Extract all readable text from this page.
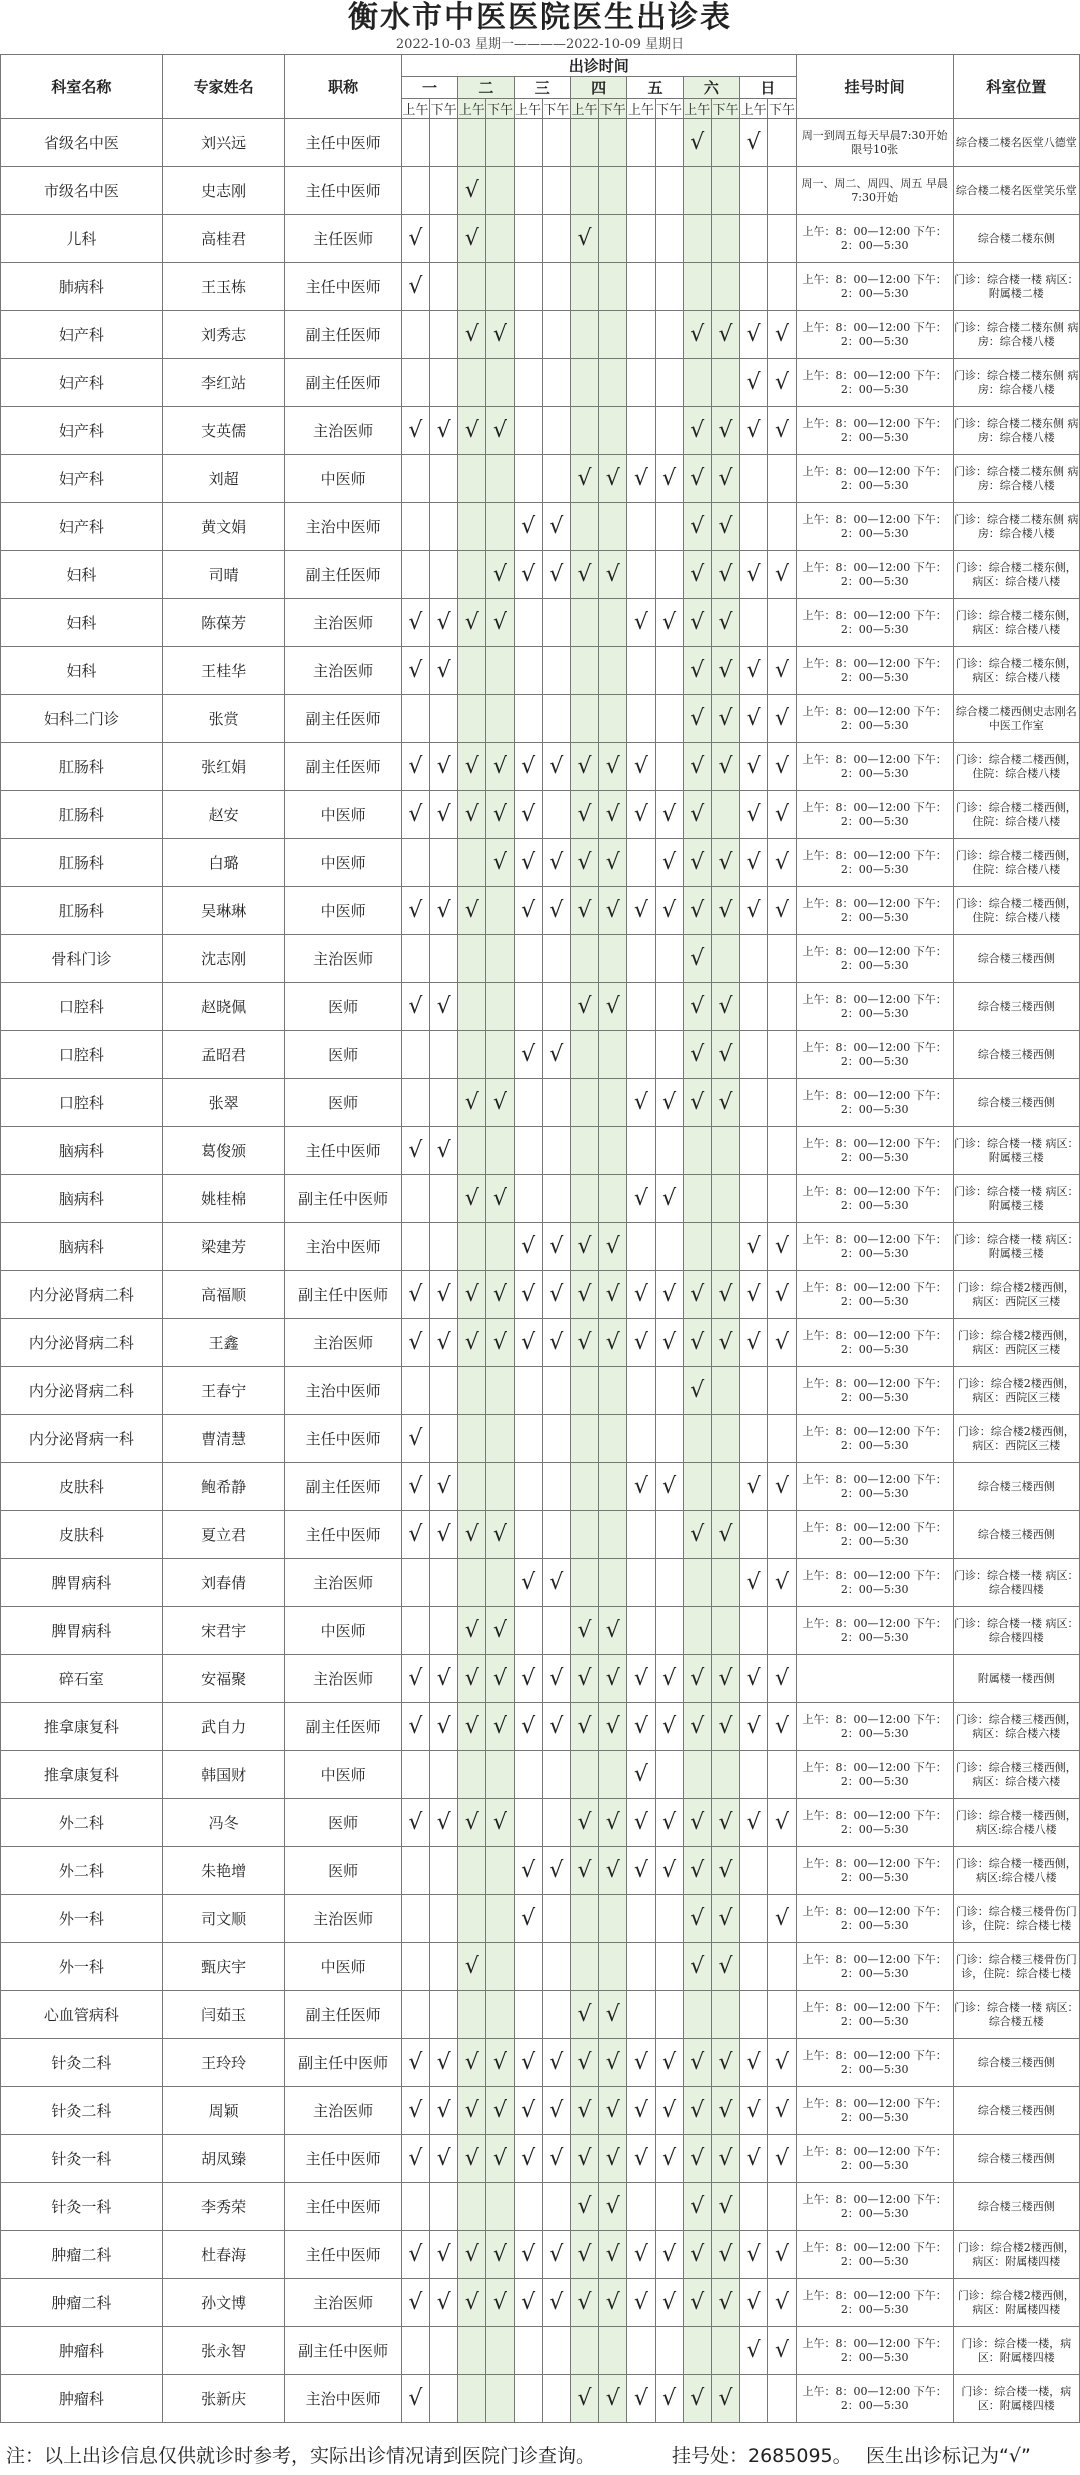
衡水市中医医院医生出诊表
2022-10-03 星期一————2022-10-09 星期日
科室名称	专家姓名	职称	出诊时间														挂号时间	科室位置
			一		二		三		四		五		六		日			
			上午	下午	上午	下午	上午	下午	上午	下午	上午	下午	上午	下午	上午	下午		
省级名中医	刘兴远	主任中医师											√		√		周一到周五每天早晨7:30开始 限号10张	综合楼二楼名医堂八德堂
市级名中医	史志刚	主任中医师			√												周一、周二、周四、周五 早晨7:30开始	综合楼二楼名医堂笑乐堂
儿科	高桂君	主任医师	√		√				√								上午：8：00—12:00 下午：2：00—5:30	综合楼二楼东侧
肺病科	王玉栋	主任中医师	√														上午：8：00—12:00 下午：2：00—5:30	门诊：综合楼一楼 病区：附属楼二楼
妇产科	刘秀志	副主任医师			√	√							√	√	√	√	上午：8：00—12:00 下午：2：00—5:30	门诊：综合楼二楼东侧 病房：综合楼八楼
妇产科	李红站	副主任医师													√	√	上午：8：00—12:00 下午：2：00—5:30	门诊：综合楼二楼东侧 病房：综合楼八楼
妇产科	支英儒	主治医师	√	√	√	√							√	√	√	√	上午：8：00—12:00 下午：2：00—5:30	门诊：综合楼二楼东侧 病房：综合楼八楼
妇产科	刘超	中医师							√	√	√	√	√	√			上午：8：00—12:00 下午：2：00—5:30	门诊：综合楼二楼东侧 病房：综合楼八楼
妇产科	黄文娟	主治中医师					√	√					√	√			上午：8：00—12:00 下午：2：00—5:30	门诊：综合楼二楼东侧 病房：综合楼八楼
妇科	司晴	副主任医师				√	√	√	√	√			√	√	√	√	上午：8：00—12:00 下午：2：00—5:30	门诊：综合楼二楼东侧，病区：综合楼八楼
妇科	陈葆芳	主治医师	√	√	√	√					√	√	√	√			上午：8：00—12:00 下午：2：00—5:30	门诊：综合楼二楼东侧，病区：综合楼八楼
妇科	王桂华	主治医师	√	√									√	√	√	√	上午：8：00—12:00 下午：2：00—5:30	门诊：综合楼二楼东侧，病区：综合楼八楼
妇科二门诊	张赏	副主任医师											√	√	√	√	上午：8：00—12:00 下午：2：00—5:30	综合楼二楼西侧史志刚名中医工作室
肛肠科	张红娟	副主任医师	√	√	√	√	√	√	√	√	√		√	√	√	√	上午：8：00—12:00 下午：2：00—5:30	门诊：综合楼二楼西侧，住院：综合楼八楼
肛肠科	赵安	中医师	√	√	√	√	√		√	√	√	√	√		√	√	上午：8：00—12:00 下午：2：00—5:30	门诊：综合楼二楼西侧，住院：综合楼八楼
肛肠科	白璐	中医师				√	√	√	√	√		√	√	√	√	√	上午：8：00—12:00 下午：2：00—5:30	门诊：综合楼二楼西侧，住院：综合楼八楼
肛肠科	吴琳琳	中医师	√	√	√		√	√	√	√	√	√	√	√	√	√	上午：8：00—12:00 下午：2：00—5:30	门诊：综合楼二楼西侧，住院：综合楼八楼
骨科门诊	沈志刚	主治医师											√				上午：8：00—12:00 下午：2：00—5:30	综合楼三楼西侧
口腔科	赵晓佩	医师	√	√					√	√			√	√			上午：8：00—12:00 下午：2：00—5:30	综合楼三楼西侧
口腔科	孟昭君	医师					√	√					√	√			上午：8：00—12:00 下午：2：00—5:30	综合楼三楼西侧
口腔科	张翠	医师			√	√					√	√	√	√			上午：8：00—12:00 下午：2：00—5:30	综合楼三楼西侧
脑病科	葛俊颁	主任中医师	√	√													上午：8：00—12:00 下午：2：00—5:30	门诊：综合楼一楼 病区：附属楼三楼
脑病科	姚桂棉	副主任中医师			√	√					√	√					上午：8：00—12:00 下午：2：00—5:30	门诊：综合楼一楼 病区：附属楼三楼
脑病科	梁建芳	主治中医师					√	√	√	√					√	√	上午：8：00—12:00 下午：2：00—5:30	门诊：综合楼一楼 病区：附属楼三楼
内分泌肾病二科	高福顺	副主任中医师	√	√	√	√	√	√	√	√	√	√	√	√	√	√	上午：8：00—12:00 下午：2：00—5:30	门诊：综合楼2楼西侧，病区：西院区三楼
内分泌肾病二科	王鑫	主治医师	√	√	√	√	√	√	√	√	√	√	√	√	√	√	上午：8：00—12:00 下午：2：00—5:30	门诊：综合楼2楼西侧，病区：西院区三楼
内分泌肾病二科	王春宁	主治中医师											√				上午：8：00—12:00 下午：2：00—5:30	门诊：综合楼2楼西侧，病区：西院区三楼
内分泌肾病一科	曹清慧	主任中医师	√														上午：8：00—12:00 下午：2：00—5:30	门诊：综合楼2楼西侧，病区：西院区三楼
皮肤科	鲍希静	副主任医师	√	√							√	√			√	√	上午：8：00—12:00 下午：2：00—5:30	综合楼三楼西侧
皮肤科	夏立君	主任中医师	√	√	√	√							√	√			上午：8：00—12:00 下午：2：00—5:30	综合楼三楼西侧
脾胃病科	刘春倩	主治医师					√	√							√	√	上午：8：00—12:00 下午：2：00—5:30	门诊：综合楼一楼 病区：综合楼四楼
脾胃病科	宋君宇	中医师			√	√			√	√							上午：8：00—12:00 下午：2：00—5:30	门诊：综合楼一楼 病区：综合楼四楼
碎石室	安福聚	主治医师	√	√	√	√	√	√	√	√	√	√	√	√	√	√		附属楼一楼西侧
推拿康复科	武自力	副主任医师	√	√	√	√	√	√	√	√	√	√	√	√	√	√	上午：8：00—12:00 下午：2：00—5:30	门诊：综合楼三楼西侧，病区：综合楼六楼
推拿康复科	韩国财	中医师									√						上午：8：00—12:00 下午：2：00—5:30	门诊：综合楼三楼西侧，病区：综合楼六楼
外二科	冯冬	医师	√	√	√	√			√	√	√	√	√	√	√	√	上午：8：00—12:00 下午：2：00—5:30	门诊：综合楼一楼西侧，病区:综合楼八楼
外二科	朱艳增	医师					√	√	√	√	√	√	√	√			上午：8：00—12:00 下午：2：00—5:30	门诊：综合楼一楼西侧，病区:综合楼八楼
外一科	司文顺	主治医师					√						√	√		√	上午：8：00—12:00 下午：2：00—5:30	门诊：综合楼三楼骨伤门诊，住院：综合楼七楼
外一科	甄庆宇	中医师			√								√	√			上午：8：00—12:00 下午：2：00—5:30	门诊：综合楼三楼骨伤门诊，住院：综合楼七楼
心血管病科	闫茹玉	副主任医师							√	√							上午：8：00—12:00 下午：2：00—5:30	门诊：综合楼一楼 病区：综合楼五楼
针灸二科	王玲玲	副主任中医师	√	√	√	√	√	√	√	√	√	√	√	√	√	√	上午：8：00—12:00 下午：2：00—5:30	综合楼三楼西侧
针灸二科	周颖	主治医师	√	√	√	√	√	√	√	√	√	√	√	√	√	√	上午：8：00—12:00 下午：2：00—5:30	综合楼三楼西侧
针灸一科	胡凤臻	主任中医师	√	√	√	√	√	√	√	√	√	√	√	√	√	√	上午：8：00—12:00 下午：2：00—5:30	综合楼三楼西侧
针灸一科	李秀荣	主任中医师							√	√			√	√			上午：8：00—12:00 下午：2：00—5:30	综合楼三楼西侧
肿瘤二科	杜春海	主任中医师	√	√	√	√	√	√	√	√	√	√	√	√	√	√	上午：8：00—12:00 下午：2：00—5:30	门诊：综合楼2楼西侧，病区：附属楼四楼
肿瘤二科	孙文博	主治医师	√	√	√	√	√	√	√	√	√	√	√	√	√	√	上午：8：00—12:00 下午：2：00—5:30	门诊：综合楼2楼西侧，病区：附属楼四楼
肿瘤科	张永智	副主任中医师													√	√	上午：8：00—12:00 下午：2：00—5:30	门诊：综合楼一楼，病区：附属楼四楼
肿瘤科	张新庆	主治中医师	√						√	√	√	√	√	√			上午：8：00—12:00 下午：2：00—5:30	门诊：综合楼一楼，病区：附属楼四楼
注：以上出诊信息仅供就诊时参考，实际出诊情况请到医院门诊查询。	挂号处：2685095。 医生出诊标记为“√”
